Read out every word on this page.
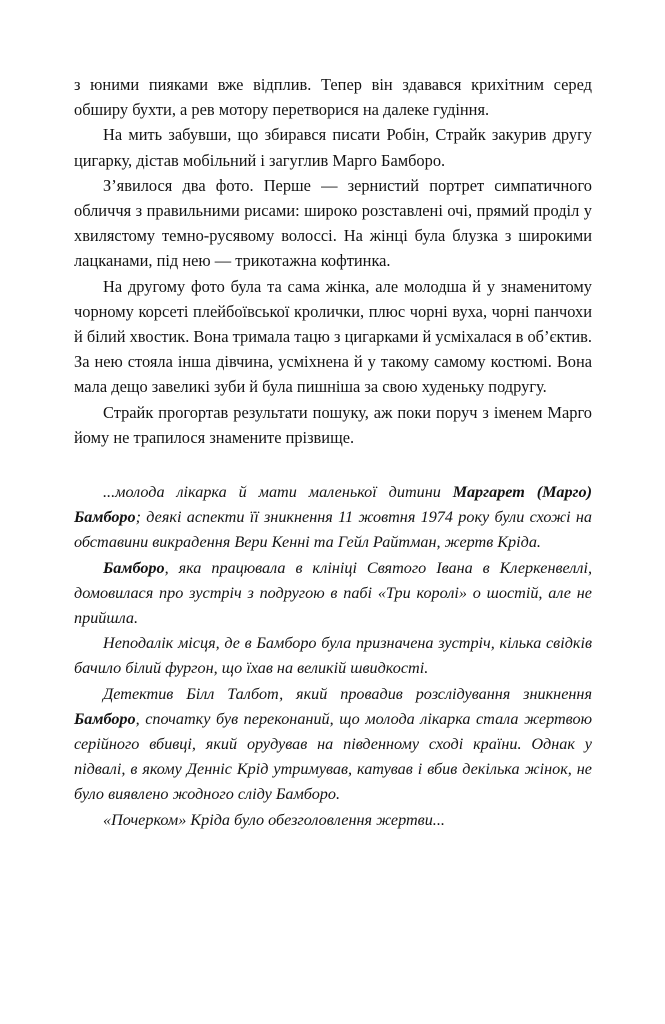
з юними пияками вже відплив. Тепер він здавався крихітним серед обширу бухти, а рев мотору перетворися на далеке гудіння.

На мить забувши, що збирався писати Робін, Страйк закурив другу цигарку, дістав мобільний і загуглив Марго Бамборо.

З’явилося два фото. Перше — зернистий портрет симпатичного обличчя з правильними рисами: широко розставлені очі, прямий проділ у хвилястому темно-русявому волоссі. На жінці була блузка з широкими лацканами, під нею — трикотажна кофтинка.

На другому фото була та сама жінка, але молодша й у знаменитому чорному корсеті плейбоївської кролички, плюс чорні вуха, чорні панчохи й білий хвостик. Вона тримала тацю з цигарками й усміхалася в об’єктив. За нею стояла інша дівчина, усміхнена й у такому самому костюмі. Вона мала дещо завеликі зуби й була пишніша за свою худеньку подругу.

Страйк прогортав результати пошуку, аж поки поруч з іменем Марго йому не трапилося знамените прізвище.

...молода лікарка й мати маленької дитини Маргарет (Марго) Бамборо; деякі аспекти її зникнення 11 жовтня 1974 року були схожі на обставини викрадення Вери Кенні та Гейл Райтман, жертв Кріда.

Бамборо, яка працювала в клініці Святого Івана в Клеркенвеллі, домовилася про зустріч з подругою в пабі «Три королі» о шостій, але не прийшла.

Неподалік місця, де в Бамборо була призначена зустріч, кілька свідків бачило білий фургон, що їхав на великій швидкості.

Детектив Білл Талбот, який провадив розслідування зникнення Бамборо, спочатку був переконаний, що молода лікарка стала жертвою серійного вбивці, який орудував на південному сході країни. Однак у підвалі, в якому Денніс Крід утримував, катував і вбив декілька жінок, не було виявлено жодного сліду Бамборо.

«Почерком» Кріда було обезголовлення жертви...
